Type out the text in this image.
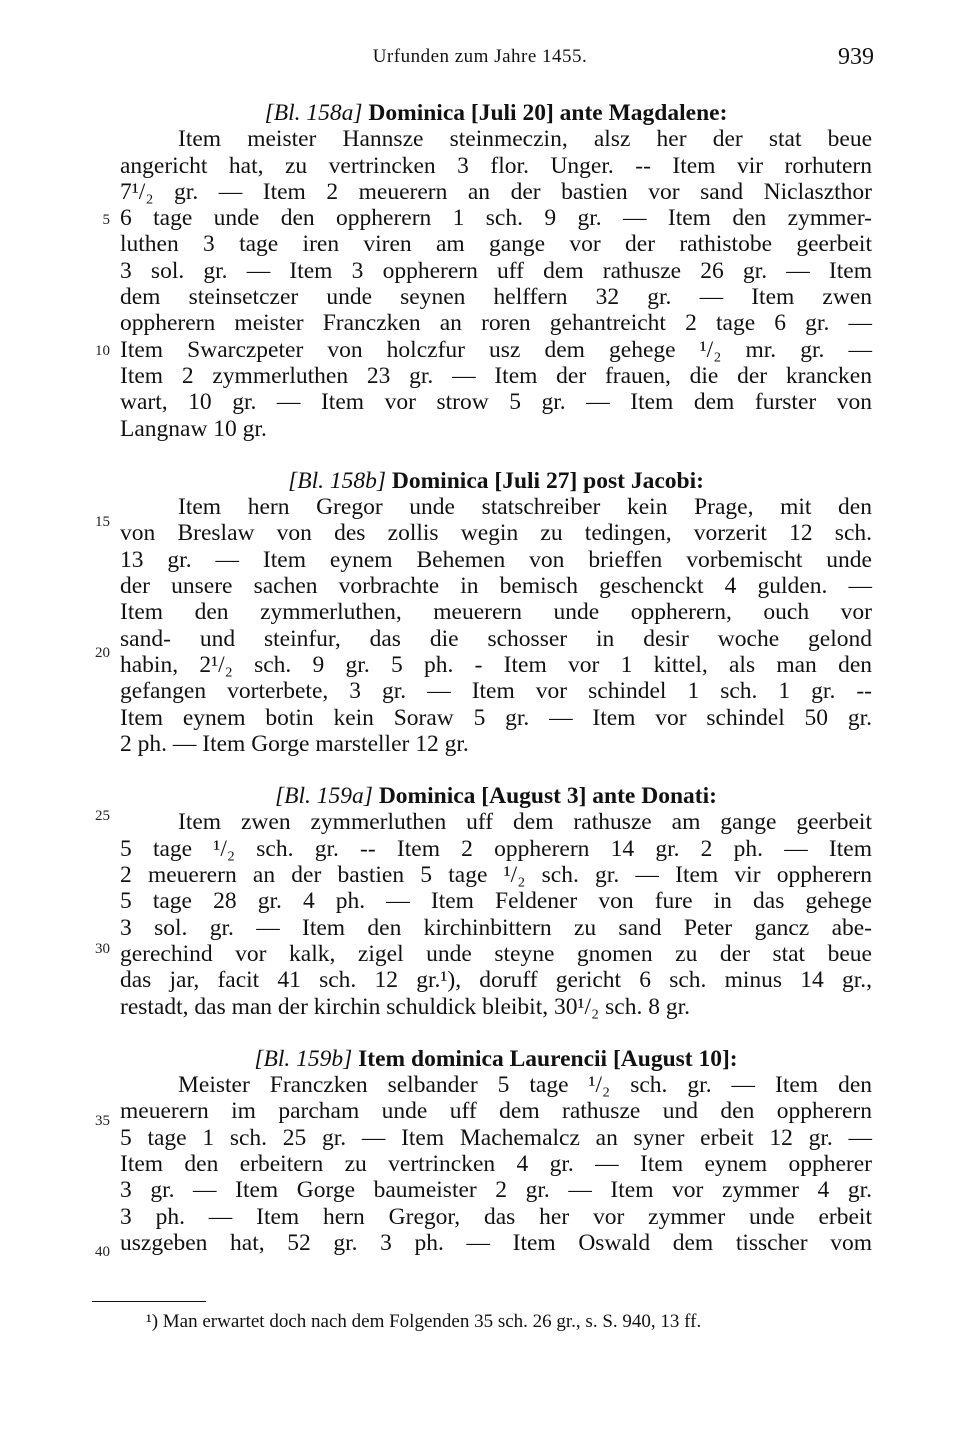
Urfunden zum Jahre 1455.	939
[Bl. 158a] Dominica [Juli 20] ante Magdalene:
Item meister Hannsze steinmeczin, alsz her der stat beue
angericht hat, zu vertrincken 3 flor. Unger. -- Item vir rorhutern
7¹/₂ gr. — Item 2 meuerern an der bastien vor sand Niclaszthor
6 tage unde den oppherern 1 sch. 9 gr. — Item den zymmer-
luthen 3 tage iren viren am gange vor der rathistobe geerbeit
3 sol. gr. — Item 3 oppherern uff dem rathusze 26 gr. — Item
dem steinsetczer unde seynen helffern 32 gr. — Item zwen
oppherern meister Franczken an roren gehantreicht 2 tage 6 gr. —
Item Swarczpeter von holczfur usz dem gehege ¹/₂ mr. gr. —
Item 2 zymmerluthen 23 gr. — Item der frauen, die der krancken
wart, 10 gr. — Item vor strow 5 gr. — Item dem furster von
Langnaw 10 gr.
[Bl. 158b] Dominica [Juli 27] post Jacobi:
Item hern Gregor unde statschreiber kein Prage, mit den
von Breslaw von des zollis wegin zu tedingen, vorzerit 12 sch.
13 gr. — Item eynem Behemen von brieffen vorbemischt unde
der unsere sachen vorbrachte in bemisch geschenckt 4 gulden. —
Item den zymmerluthen, meuerern unde oppherern, ouch vor
sand- und steinfur, das die schosser in desir woche gelond
habin, 2¹/₂ sch. 9 gr. 5 ph. - Item vor 1 kittel, als man den
gefangen vorterbete, 3 gr. — Item vor schindel 1 sch. 1 gr. --
Item eynem botin kein Soraw 5 gr. — Item vor schindel 50 gr.
2 ph. — Item Gorge marsteller 12 gr.
[Bl. 159a] Dominica [August 3] ante Donati:
Item zwen zymmerluthen uff dem rathusze am gange geerbeit
5 tage ¹/₂ sch. gr. -- Item 2 oppherern 14 gr. 2 ph. — Item
2 meuerern an der bastien 5 tage ¹/₂ sch. gr. — Item vir oppherern
5 tage 28 gr. 4 ph. — Item Feldener von fure in das gehege
3 sol. gr. — Item den kirchinbittern zu sand Peter gancz abe-
gerechind vor kalk, zigel unde steyne gnomen zu der stat beue
das jar, facit 41 sch. 12 gr.¹), doruff gericht 6 sch. minus 14 gr.,
restadt, das man der kirchin schuldick bleibit, 30¹/₂ sch. 8 gr.
[Bl. 159b] Item dominica Laurencii [August 10]:
Meister Franczken selbander 5 tage ¹/₂ sch. gr. — Item den
meuerern im parcham unde uff dem rathusze und den oppherern
5 tage 1 sch. 25 gr. — Item Machemalcz an syner erbeit 12 gr. —
Item den erbeitern zu vertrincken 4 gr. — Item eynem oppherer
3 gr. — Item Gorge baumeister 2 gr. — Item vor zymmer 4 gr.
3 ph. — Item hern Gregor, das her vor zymmer unde erbeit
uszgeben hat, 52 gr. 3 ph. — Item Oswald dem tisscher vom
5
10
15
20
25
30
35
40
¹) Man erwartet doch nach dem Folgenden 35 sch. 26 gr., s. S. 940, 13 ff.
